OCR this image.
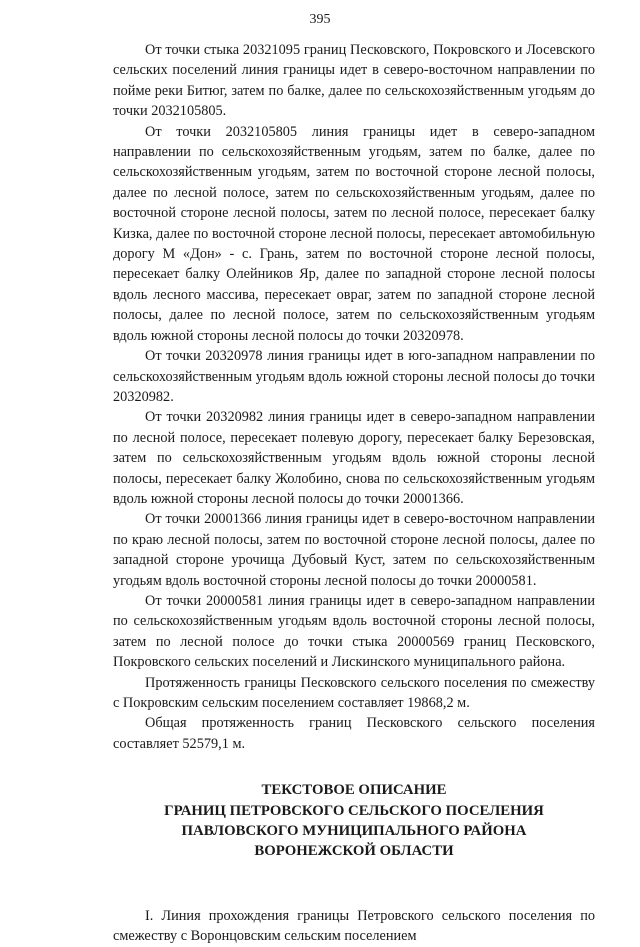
395

От точки стыка 20321095 границ Песковского, Покровского и Лосевского сельских поселений линия границы идет в северо-восточном направлении по пойме реки Битюг, затем по балке, далее по сельскохозяйственным угодьям до точки 2032105805.

От точки 2032105805 линия границы идет в северо-западном направлении по сельскохозяйственным угодьям, затем по балке, далее по сельскохозяйственным угодьям, затем по восточной стороне лесной полосы, далее по лесной полосе, затем по сельскохозяйственным угодьям, далее по восточной стороне лесной полосы, затем по лесной полосе, пересекает балку Кизка, далее по восточной стороне лесной полосы, пересекает автомобильную дорогу М «Дон» - с. Грань, затем по восточной стороне лесной полосы, пересекает балку Олейников Яр, далее по западной стороне лесной полосы вдоль лесного массива, пересекает овраг, затем по западной стороне лесной полосы, далее по лесной полосе, затем по сельскохозяйственным угодьям вдоль южной стороны лесной полосы до точки 20320978.

От точки 20320978 линия границы идет в юго-западном направлении по сельскохозяйственным угодьям вдоль южной стороны лесной полосы до точки 20320982.

От точки 20320982 линия границы идет в северо-западном направлении по лесной полосе, пересекает полевую дорогу, пересекает балку Березовская, затем по сельскохозяйственным угодьям вдоль южной стороны лесной полосы, пересекает балку Жолобино, снова по сельскохозяйственным угодьям вдоль южной стороны лесной полосы до точки 20001366.

От точки 20001366 линия границы идет в северо-восточном направлении по краю лесной полосы, затем по восточной стороне лесной полосы, далее по западной стороне урочища Дубовый Куст, затем по сельскохозяйственным угодьям вдоль восточной стороны лесной полосы до точки 20000581.

От точки 20000581 линия границы идет в северо-западном направлении по сельскохозяйственным угодьям вдоль восточной стороны лесной полосы, затем по лесной полосе до точки стыка 20000569 границ Песковского, Покровского сельских поселений и Лискинского муниципального района.

Протяженность границы Песковского сельского поселения по смежеству с Покровским сельским поселением составляет 19868,2 м.

Общая протяженность границ Песковского сельского поселения составляет 52579,1 м.

ТЕКСТОВОЕ ОПИСАНИЕ
ГРАНИЦ ПЕТРОВСКОГО СЕЛЬСКОГО ПОСЕЛЕНИЯ
ПАВЛОВСКОГО МУНИЦИПАЛЬНОГО РАЙОНА
ВОРОНЕЖСКОЙ ОБЛАСТИ

I. Линия прохождения границы Петровского сельского поселения по смежеству с Воронцовским сельским поселением
